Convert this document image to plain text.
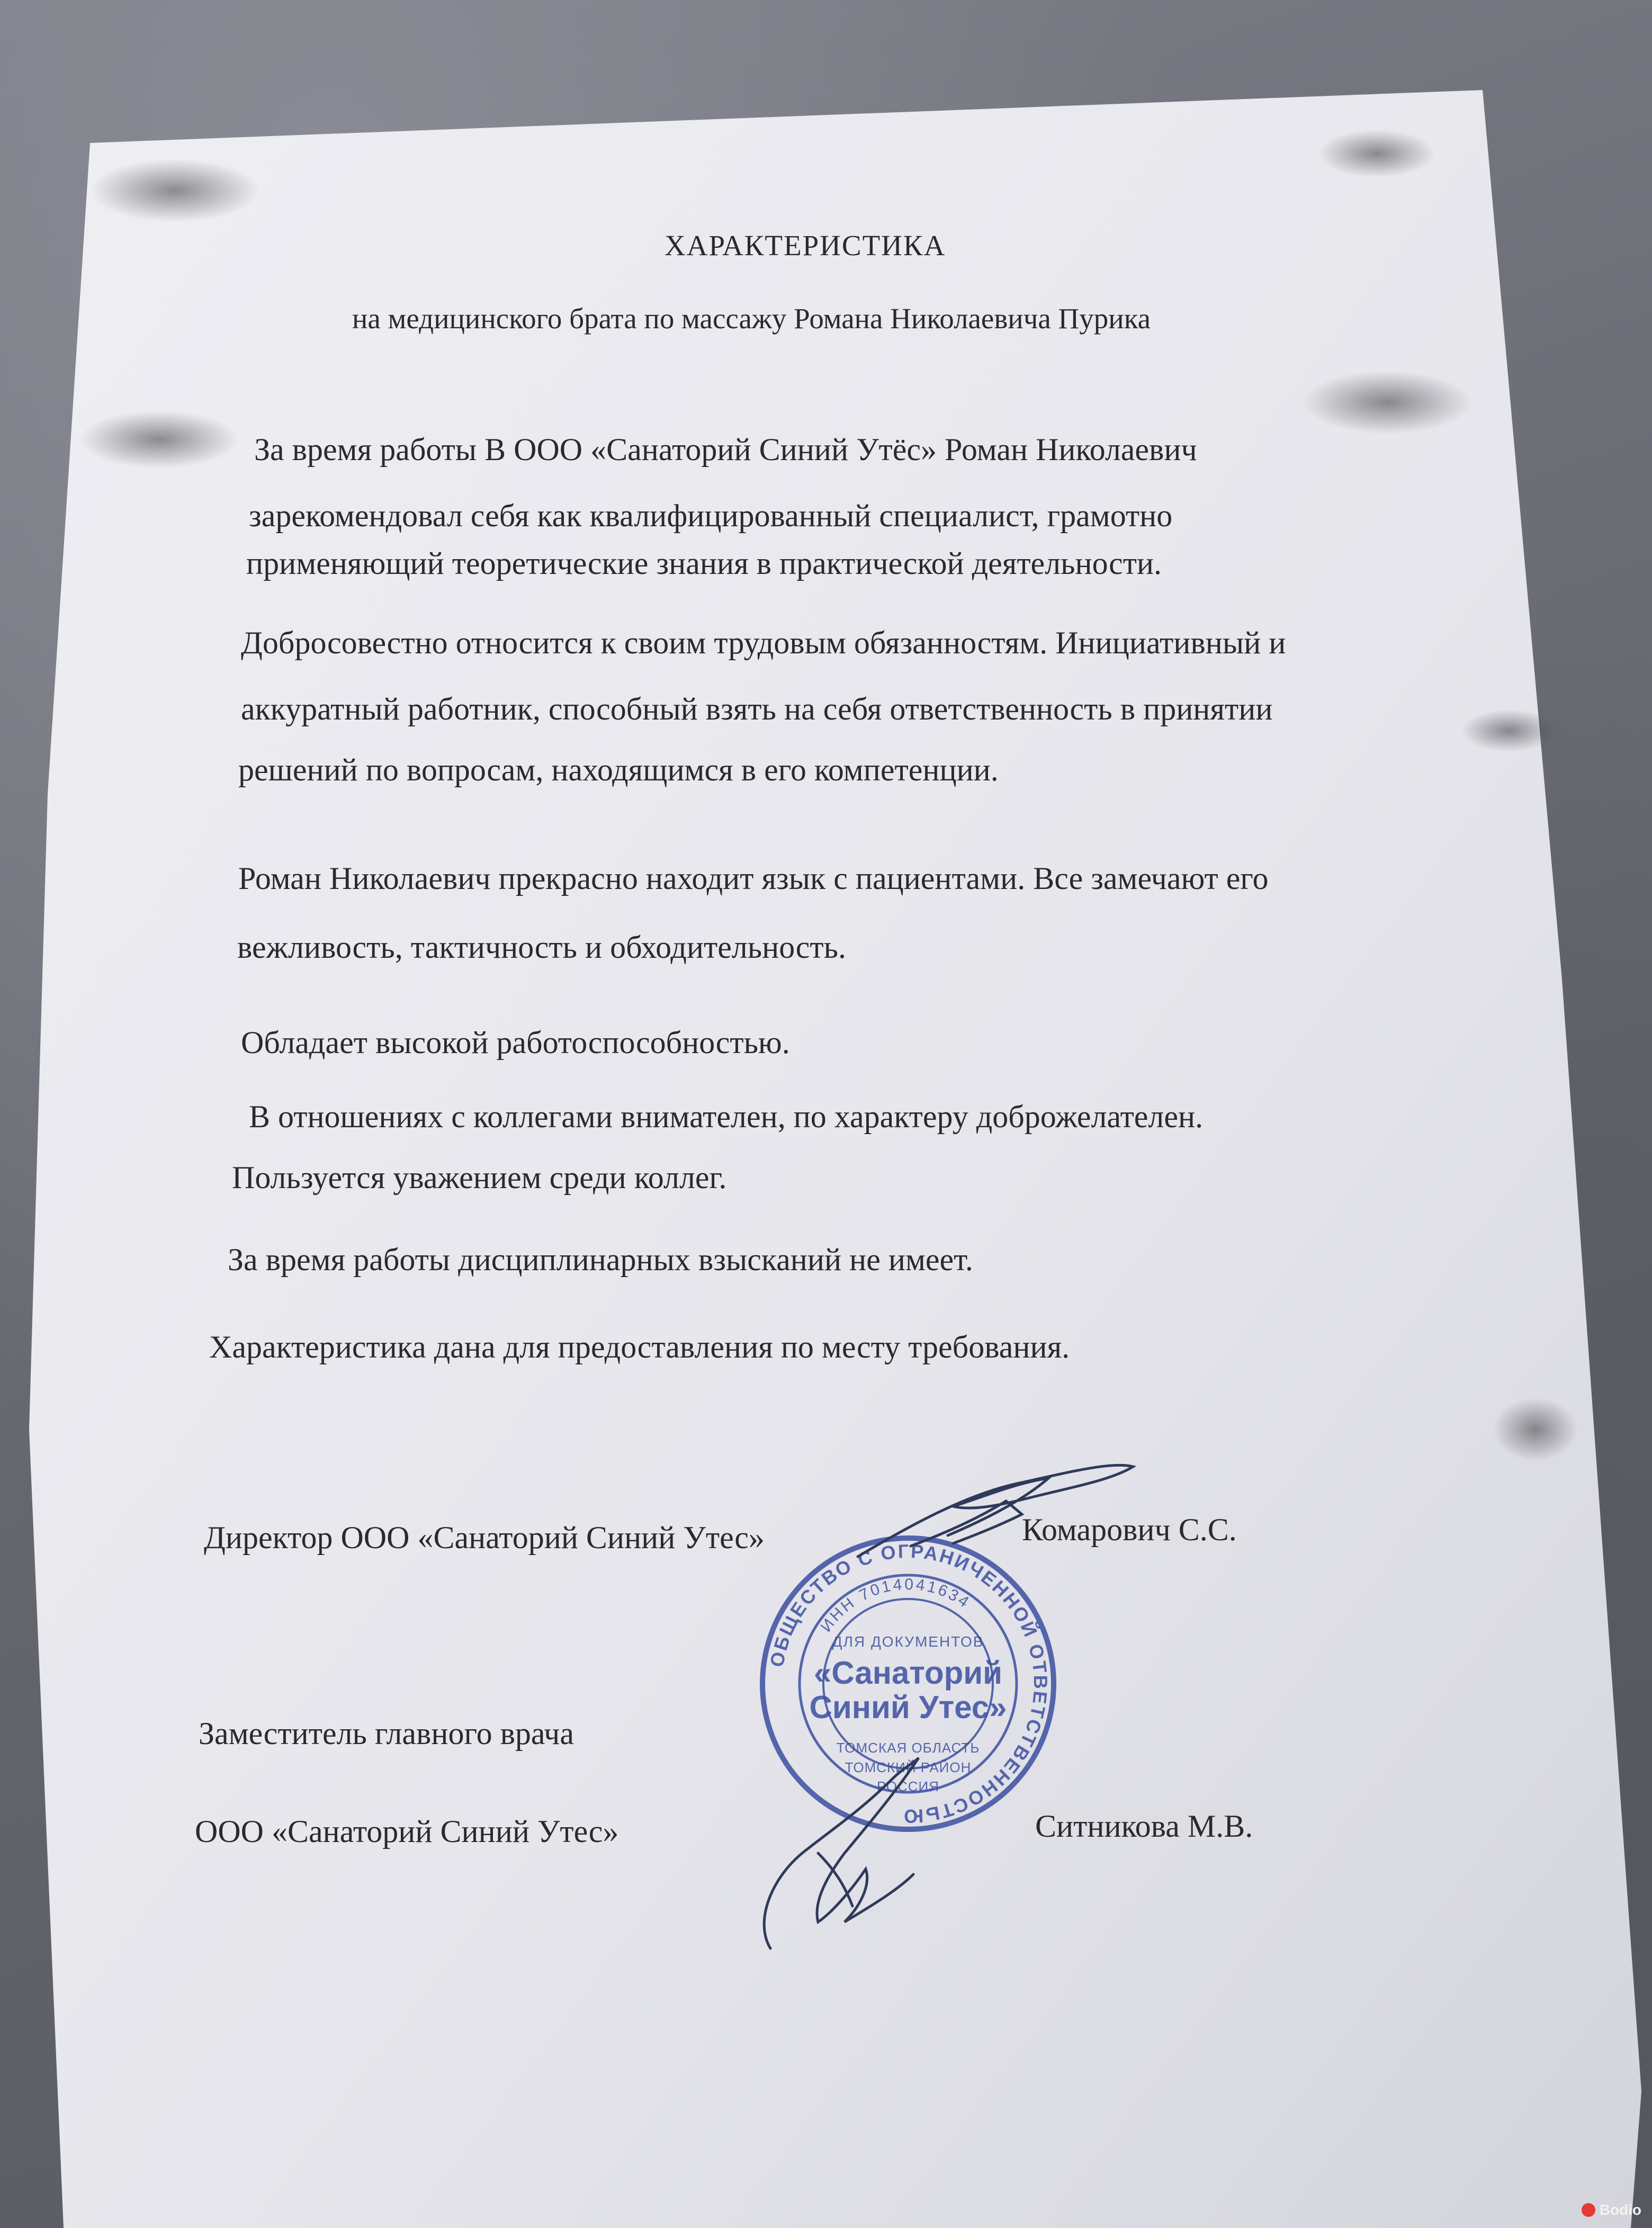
ХАРАКТЕРИСТИКА
на медицинского брата по массажу Романа Николаевича Пурика
За время работы В ООО «Санаторий Синий Утёс» Роман Николаевич
зарекомендовал себя как квалифицированный специалист, грамотно
применяющий теоретические знания в практической деятельности.
Добросовестно относится к своим трудовым обязанностям. Инициативный и
аккуратный работник, способный взять на себя ответственность в принятии
решений по вопросам, находящимся в его компетенции.
Роман Николаевич прекрасно находит язык с пациентами. Все замечают его
вежливость, тактичность и обходительность.
Обладает высокой работоспособностью.
В отношениях с коллегами внимателен, по характеру доброжелателен.
Пользуется уважением среди коллег.
За время работы дисциплинарных взысканий не имеет.
Характеристика дана для предоставления по месту требования.
Директор ООО «Санаторий Синий Утес»	Комарович С.С.
Заместитель главного врача
ООО «Санаторий Синий Утес»	Ситникова М.В.
ОБЩЕСТВО С ОГРАНИЧЕННОЙ ОТВЕТСТВЕННОСТЬЮ
ИНН 7014041634
ДЛЯ ДОКУМЕНТОВ
«Санаторий
Синий Утес»
ТОМСКАЯ ОБЛАСТЬ
ТОМСКИЙ РАЙОН
РОССИЯ
Bodio
